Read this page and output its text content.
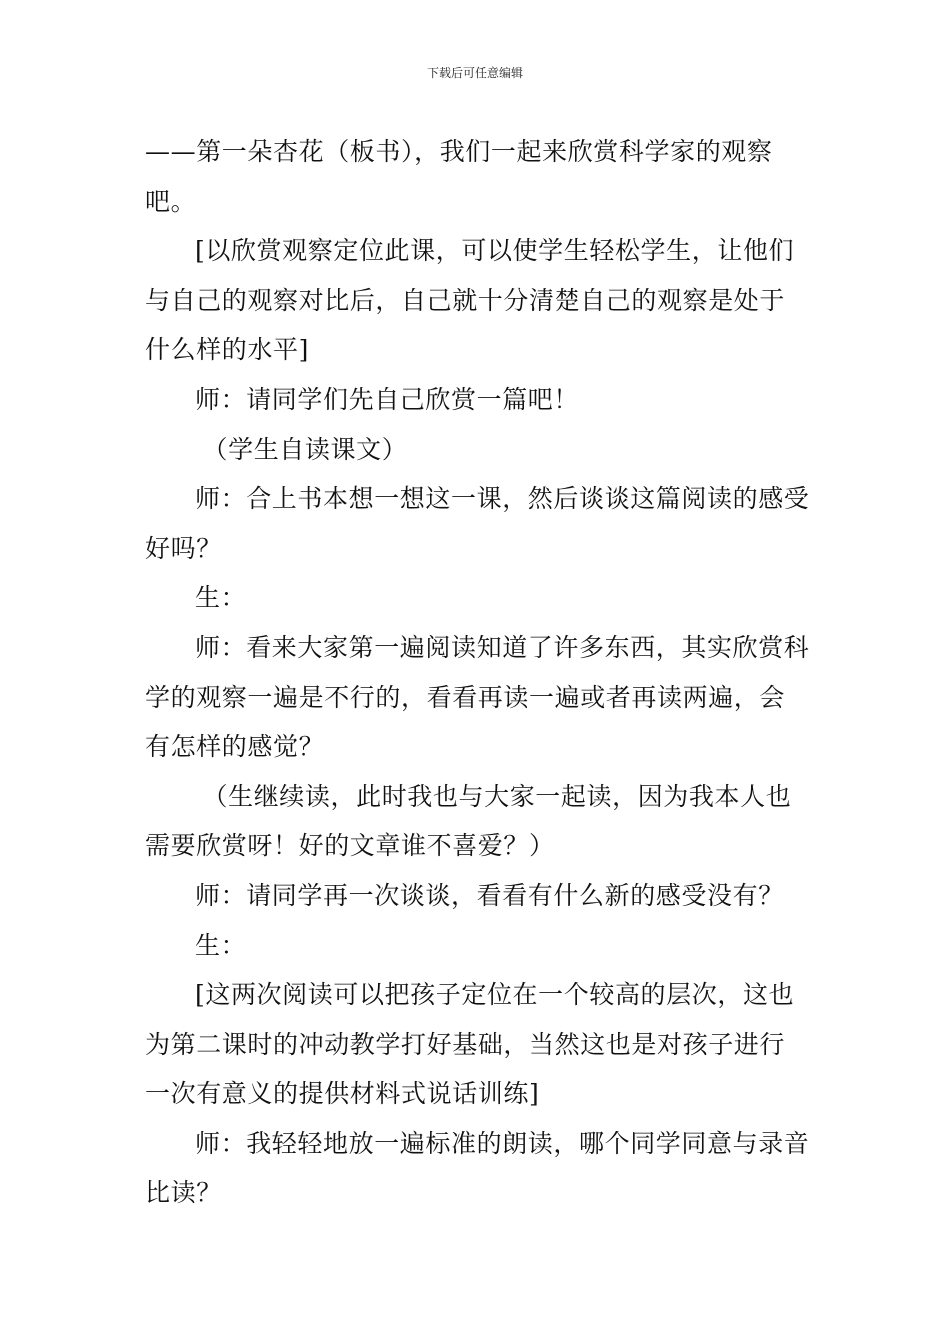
下载后可任意编辑

——第一朵杏花（板书），我们一起来欣赏科学家的观察吧。

[以欣赏观察定位此课，可以使学生轻松学生，让他们与自己的观察对比后，自己就十分清楚自己的观察是处于什么样的水平]

师：请同学们先自己欣赏一篇吧！

（学生自读课文）

师：合上书本想一想这一课，然后谈谈这篇阅读的感受好吗？

生：

师：看来大家第一遍阅读知道了许多东西，其实欣赏科学的观察一遍是不行的，看看再读一遍或者再读两遍，会有怎样的感觉？

（生继续读，此时我也与大家一起读，因为我本人也需要欣赏呀！好的文章谁不喜爱？）

师：请同学再一次谈谈，看看有什么新的感受没有？

生：

[这两次阅读可以把孩子定位在一个较高的层次，这也为第二课时的冲动教学打好基础，当然这也是对孩子进行一次有意义的提供材料式说话训练]

师：我轻轻地放一遍标准的朗读，哪个同学同意与录音比读？
